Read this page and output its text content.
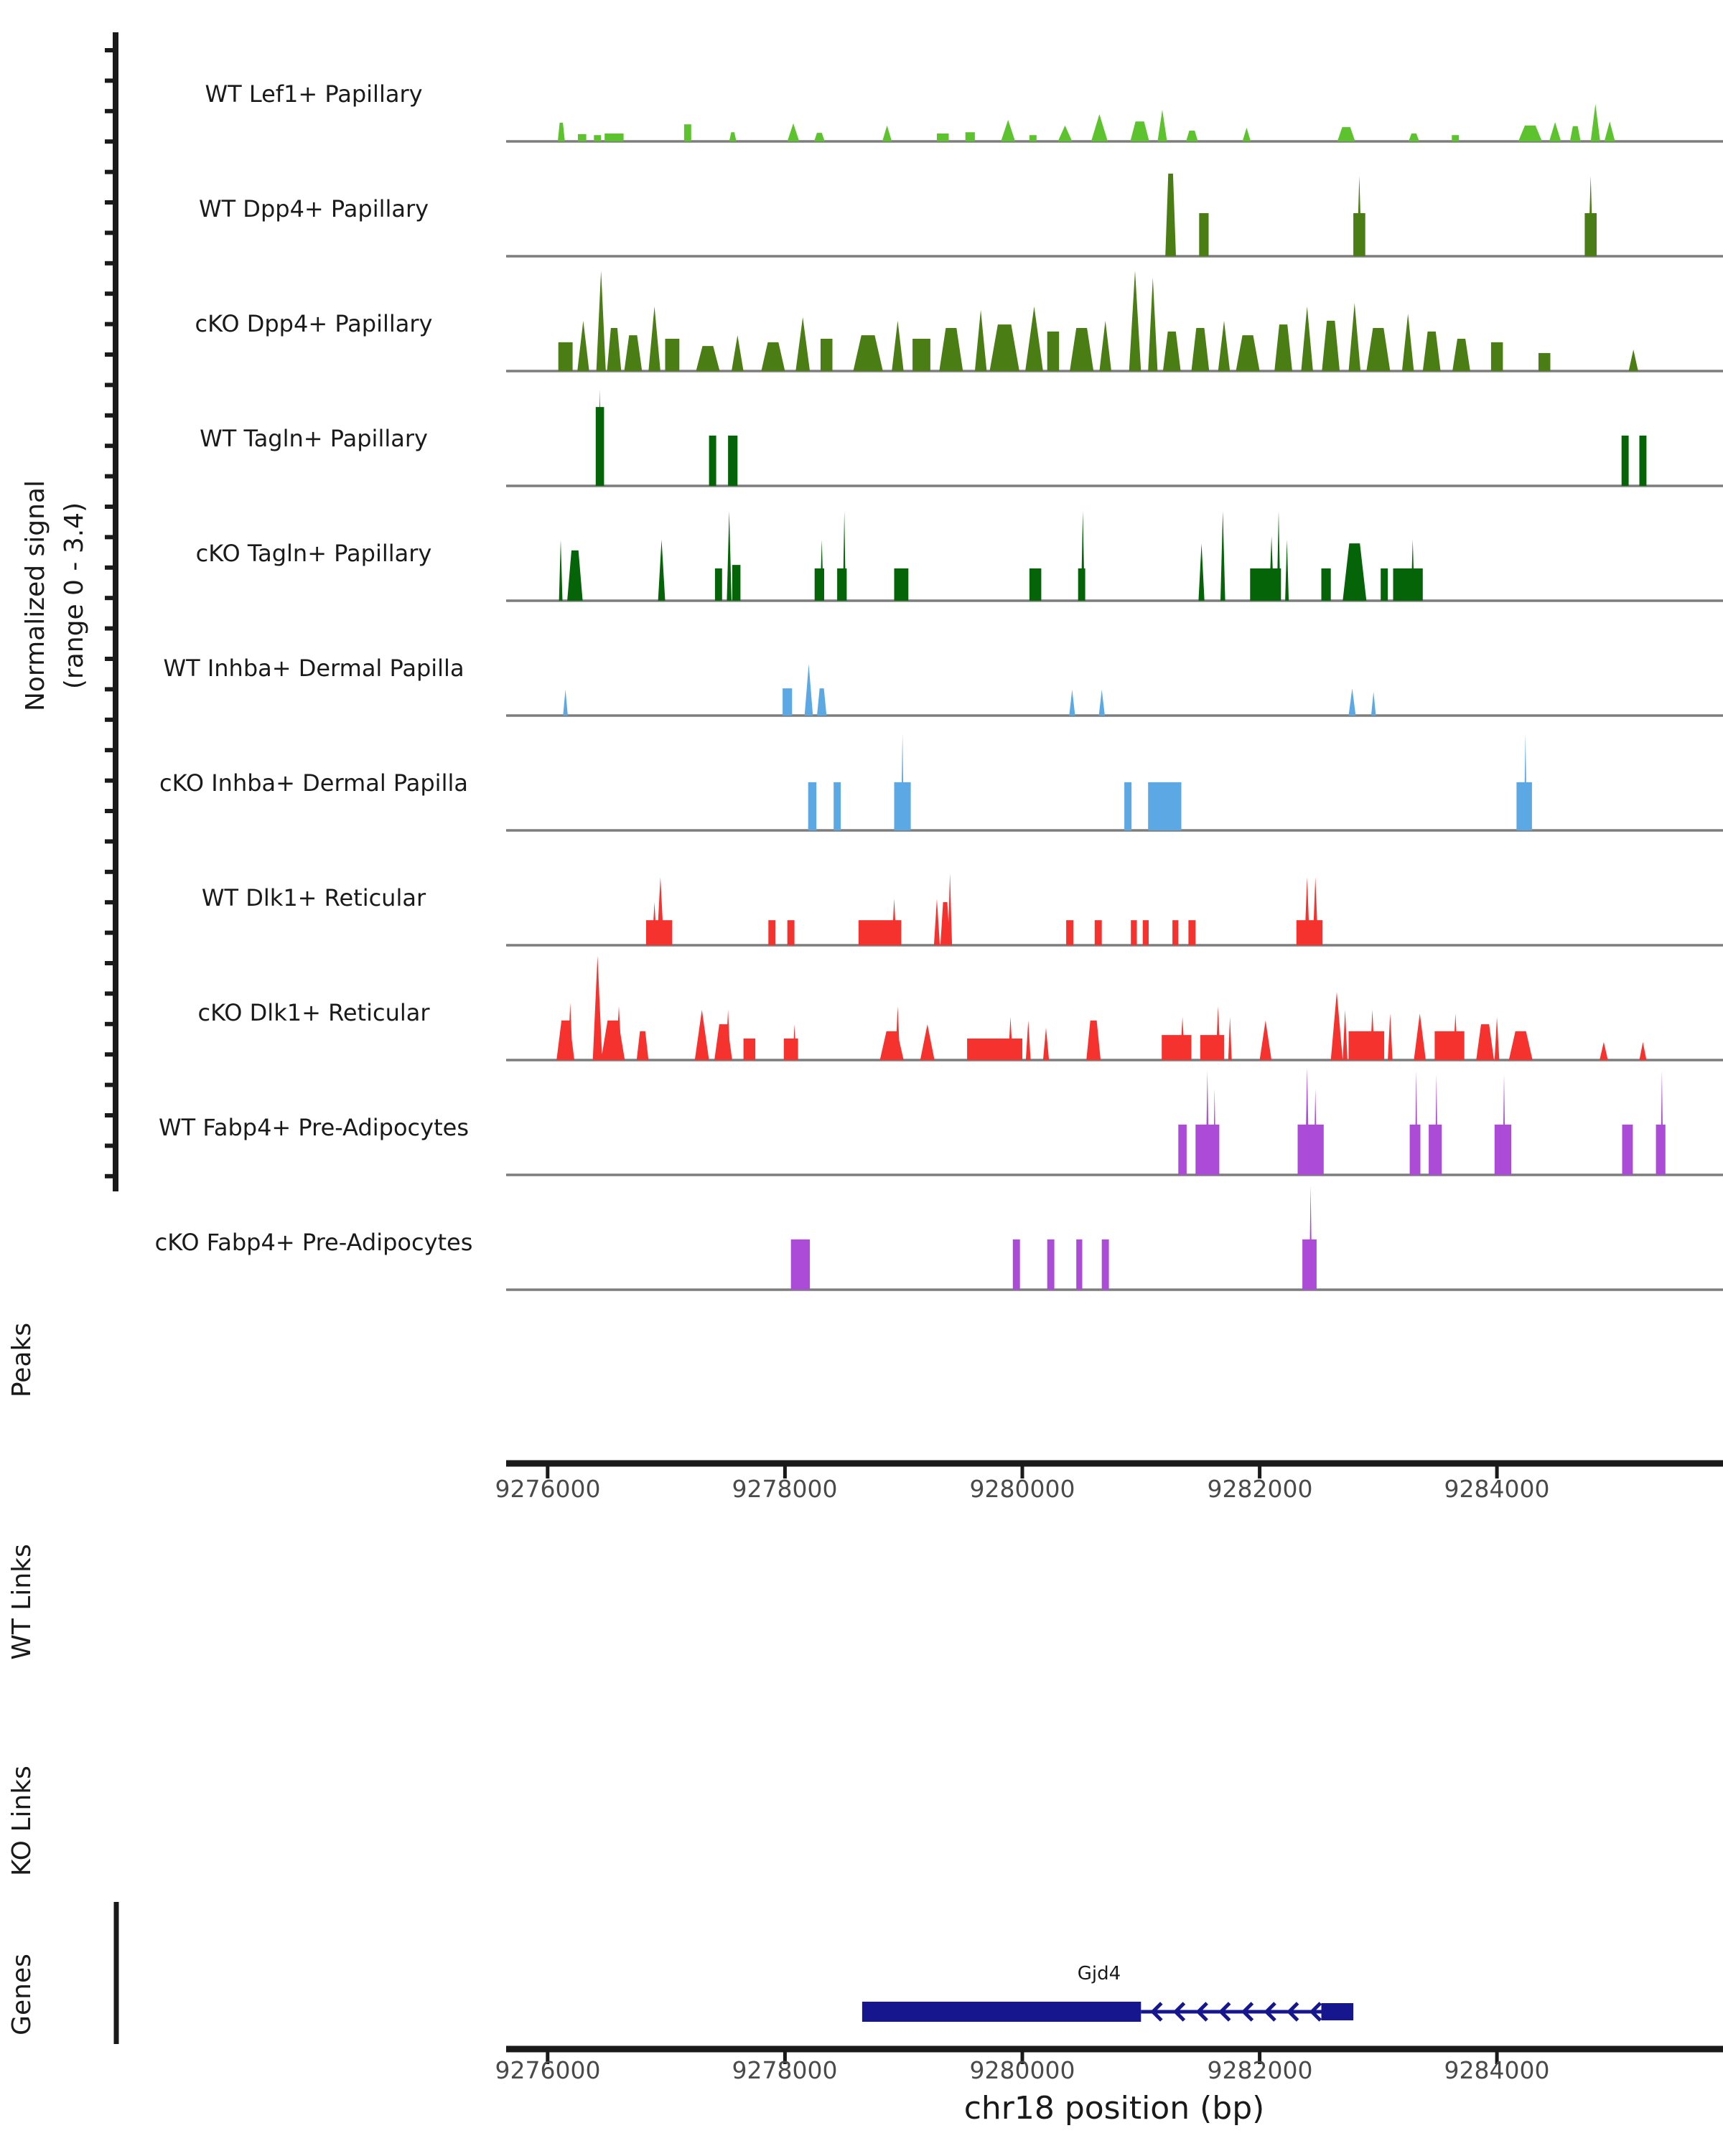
Normalized signal (range 0 - 3.4)
WT Lef1+ Papillary
WT Dpp4+ Papillary
cKO Dpp4+ Papillary
WT Tagln+ Papillary
cKO Tagln+ Papillary
WT Inhba+ Dermal Papilla
cKO Inhba+ Dermal Papilla
WT Dlk1+ Reticular
cKO Dlk1+ Reticular
WT Fabp4+ Pre-Adipocytes
cKO Fabp4+ Pre-Adipocytes
Peaks
WT Links
KO Links
Genes
9276000	9278000	9280000	9282000	9284000
Gjd4
9276000	9278000	9280000	9282000	9284000
chr18 position (bp)
